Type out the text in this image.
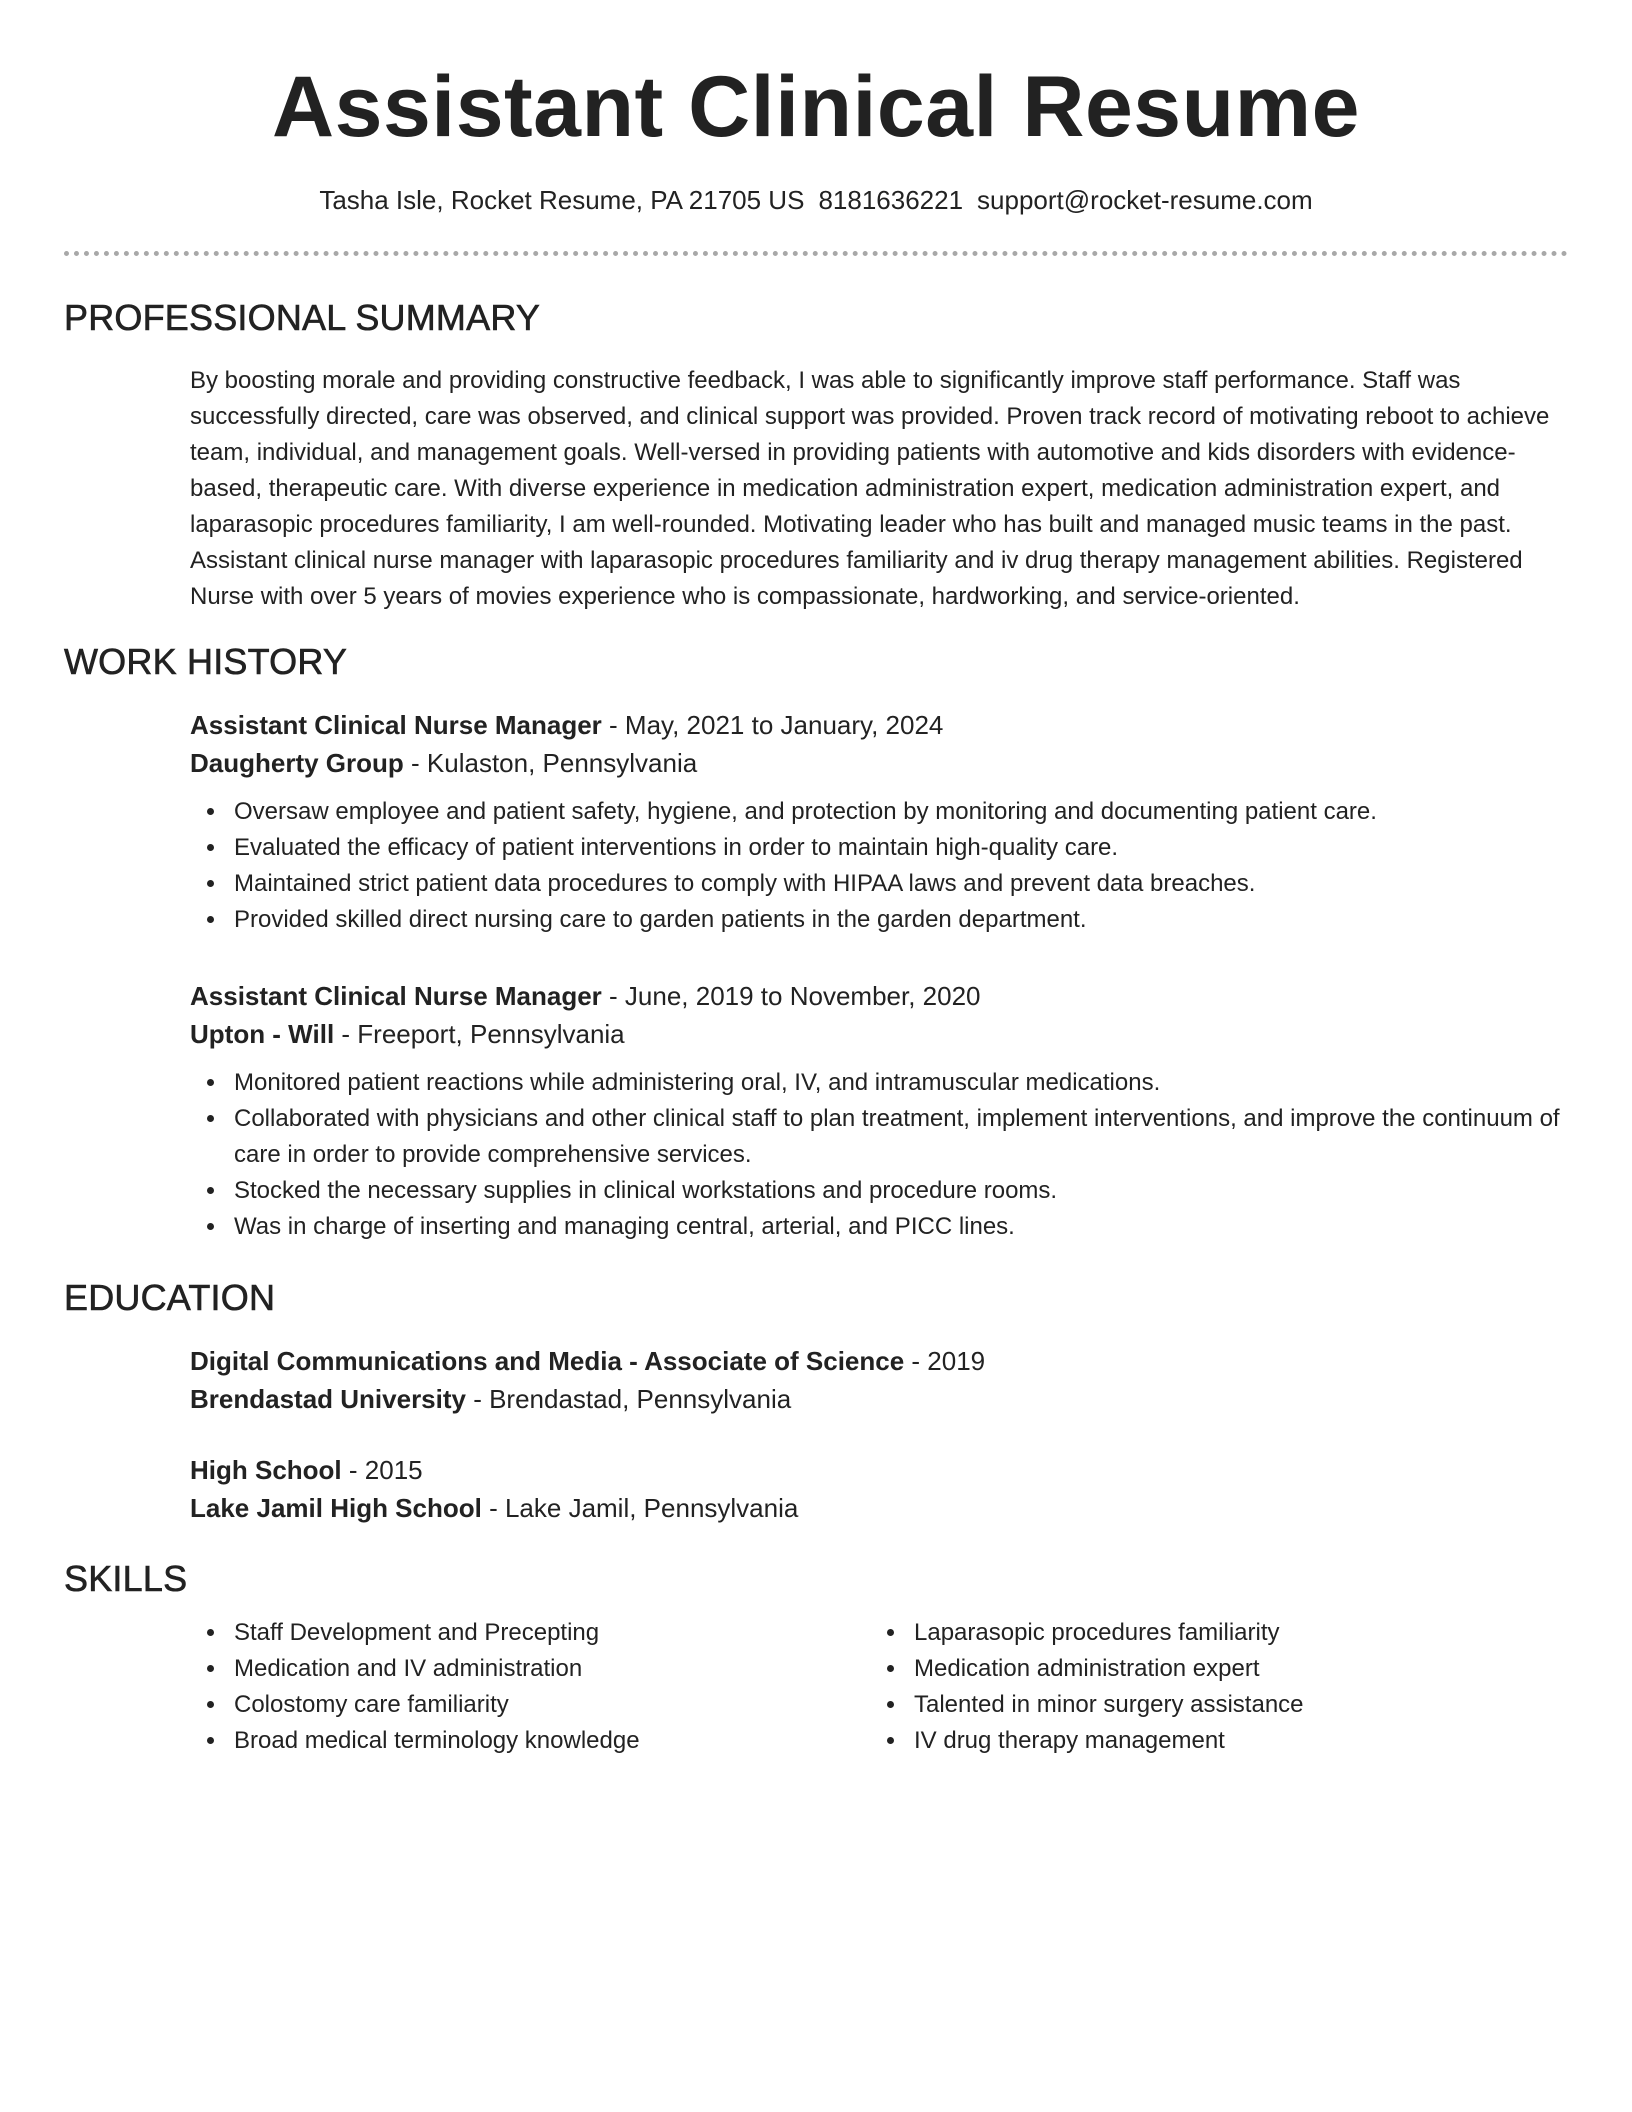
Assistant Clinical Resume
Tasha Isle, Rocket Resume, PA 21705 US 8181636221 support@rocket-resume.com
PROFESSIONAL SUMMARY

By boosting morale and providing constructive feedback, I was able to significantly improve staff performance. Staff was successfully directed, care was observed, and clinical support was provided. Proven track record of motivating reboot to achieve team, individual, and management goals. Well-versed in providing patients with automotive and kids disorders with evidence-based, therapeutic care. With diverse experience in medication administration expert, medication administration expert, and laparasopic procedures familiarity, I am well-rounded. Motivating leader who has built and managed music teams in the past. Assistant clinical nurse manager with laparasopic procedures familiarity and iv drug therapy management abilities. Registered Nurse with over 5 years of movies experience who is compassionate, hardworking, and service-oriented.

WORK HISTORY
Assistant Clinical Nurse Manager - May, 2021 to January, 2024
Daugherty Group - Kulaston, Pennsylvania
Oversaw employee and patient safety, hygiene, and protection by monitoring and documenting patient care.
Evaluated the efficacy of patient interventions in order to maintain high-quality care.
Maintained strict patient data procedures to comply with HIPAA laws and prevent data breaches.
Provided skilled direct nursing care to garden patients in the garden department.
Assistant Clinical Nurse Manager - June, 2019 to November, 2020
Upton - Will - Freeport, Pennsylvania
Monitored patient reactions while administering oral, IV, and intramuscular medications.
Collaborated with physicians and other clinical staff to plan treatment, implement interventions, and improve the continuum of care in order to provide comprehensive services.
Stocked the necessary supplies in clinical workstations and procedure rooms.
Was in charge of inserting and managing central, arterial, and PICC lines.
EDUCATION
Digital Communications and Media - Associate of Science - 2019
Brendastad University - Brendastad, Pennsylvania
High School - 2015
Lake Jamil High School - Lake Jamil, Pennsylvania
SKILLS
Staff Development and Precepting
Medication and IV administration
Colostomy care familiarity
Broad medical terminology knowledge
Laparasopic procedures familiarity
Medication administration expert
Talented in minor surgery assistance
IV drug therapy management
